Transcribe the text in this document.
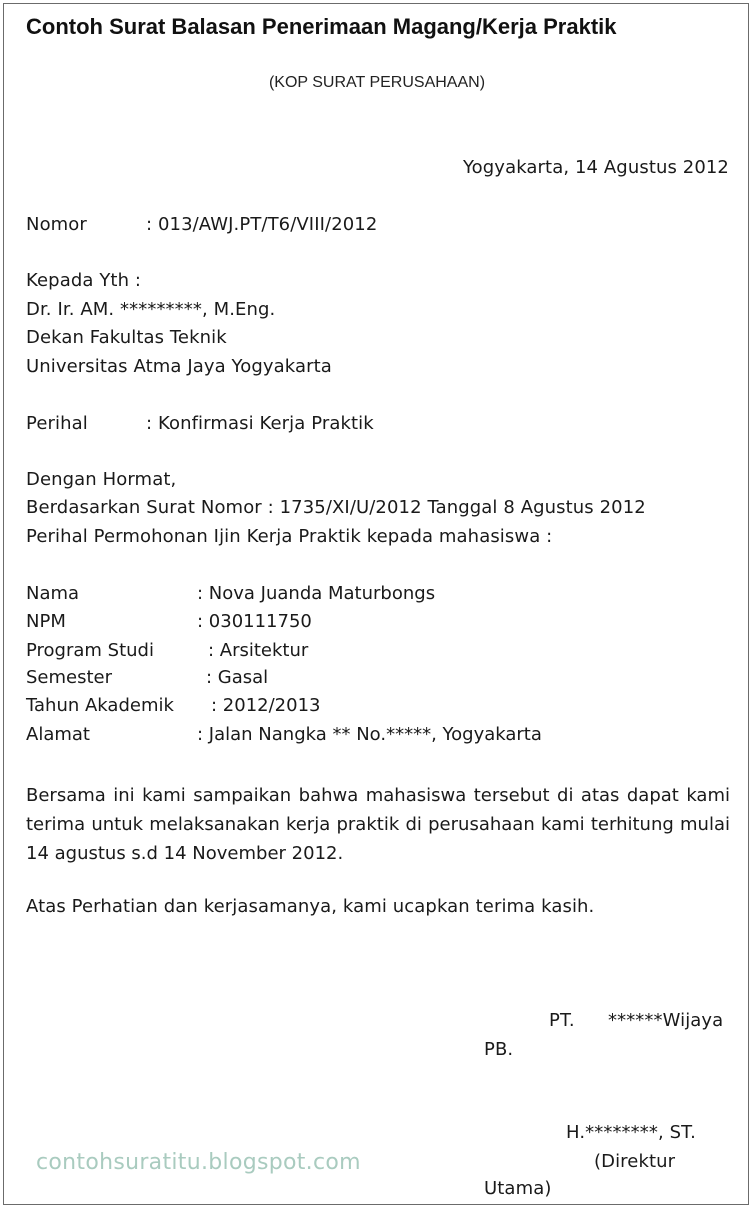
Contoh Surat Balasan Penerimaan Magang/Kerja Praktik
(KOP SURAT PERUSAHAAN)
Yogyakarta, 14 Agustus 2012
Nomor	: 013/AWJ.PT/T6/VIII/2012
Kepada Yth :
Dr. Ir. AM. *********, M.Eng.
Dekan Fakultas Teknik
Universitas Atma Jaya Yogyakarta
Perihal	: Konfirmasi Kerja Praktik
Dengan Hormat,
Berdasarkan Surat Nomor : 1735/XI/U/2012 Tanggal 8 Agustus 2012
Perihal Permohonan Ijin Kerja Praktik kepada mahasiswa :
Nama	: Nova Juanda Maturbongs
NPM	: 030111750
Program Studi	: Arsitektur
Semester	: Gasal
Tahun Akademik : 2012/2013
Alamat	: Jalan Nangka ** No.*****, Yogyakarta
Bersama ini kami sampaikan bahwa mahasiswa tersebut di atas dapat kami terima untuk melaksanakan kerja praktik di perusahaan kami terhitung mulai 14 agustus s.d 14 November 2012.
Atas Perhatian dan kerjasamanya, kami ucapkan terima kasih.
PT. ******Wijaya
PB.
H.********, ST.
(Direktur
Utama)
contohsuratitu.blogspot.com
